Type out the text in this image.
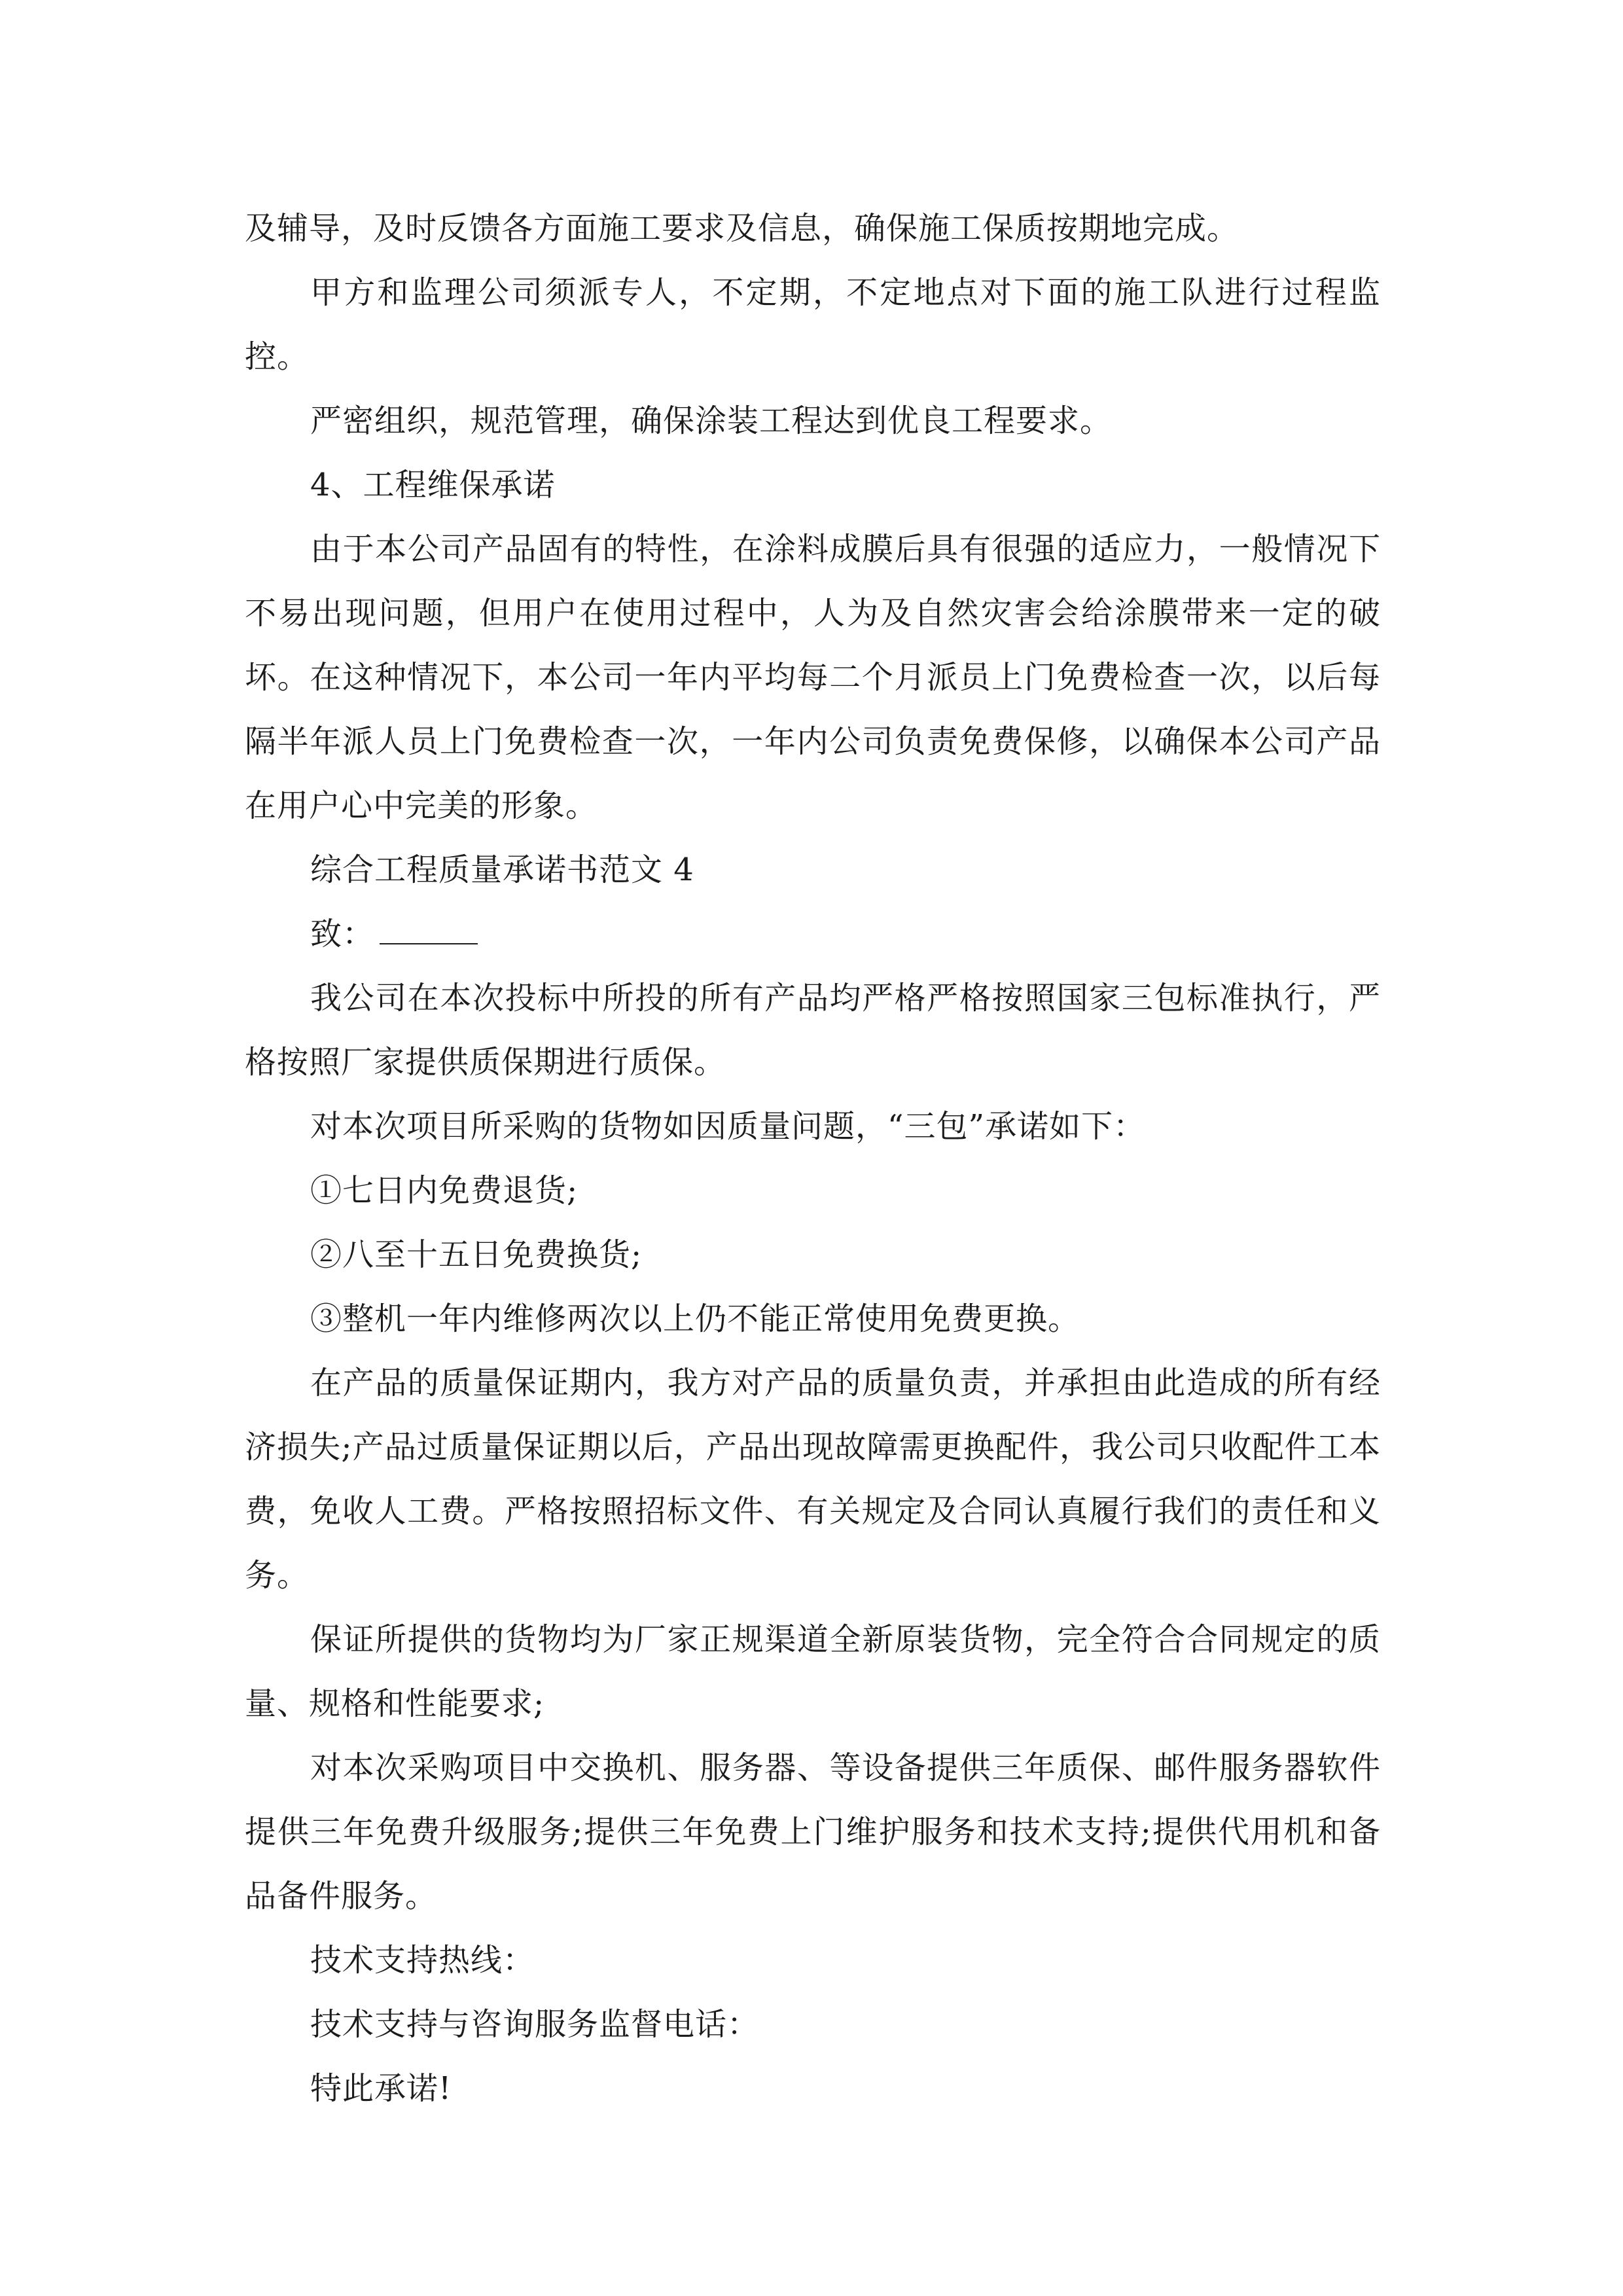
及辅导，及时反馈各方面施工要求及信息，确保施工保质按期地完成。

甲方和监理公司须派专人，不定期，不定地点对下面的施工队进行过程监控。

严密组织，规范管理，确保涂装工程达到优良工程要求。

4、工程维保承诺

由于本公司产品固有的特性，在涂料成膜后具有很强的适应力，一般情况下不易出现问题，但用户在使用过程中，人为及自然灾害会给涂膜带来一定的破坏。在这种情况下，本公司一年内平均每二个月派员上门免费检查一次，以后每隔半年派人员上门免费检查一次，一年内公司负责免费保修，以确保本公司产品在用户心中完美的形象。

综合工程质量承诺书范文 4

致：

我公司在本次投标中所投的所有产品均严格严格按照国家三包标准执行，严格按照厂家提供质保期进行质保。

对本次项目所采购的货物如因质量问题，“三包”承诺如下：

①七日内免费退货;

②八至十五日免费换货;

③整机一年内维修两次以上仍不能正常使用免费更换。

在产品的质量保证期内，我方对产品的质量负责，并承担由此造成的所有经济损失;产品过质量保证期以后，产品出现故障需更换配件，我公司只收配件工本费，免收人工费。严格按照招标文件、有关规定及合同认真履行我们的责任和义务。

保证所提供的货物均为厂家正规渠道全新原装货物，完全符合合同规定的质量、规格和性能要求;

对本次采购项目中交换机、服务器、等设备提供三年质保、邮件服务器软件提供三年免费升级服务;提供三年免费上门维护服务和技术支持;提供代用机和备品备件服务。

技术支持热线：

技术支持与咨询服务监督电话：

特此承诺!
